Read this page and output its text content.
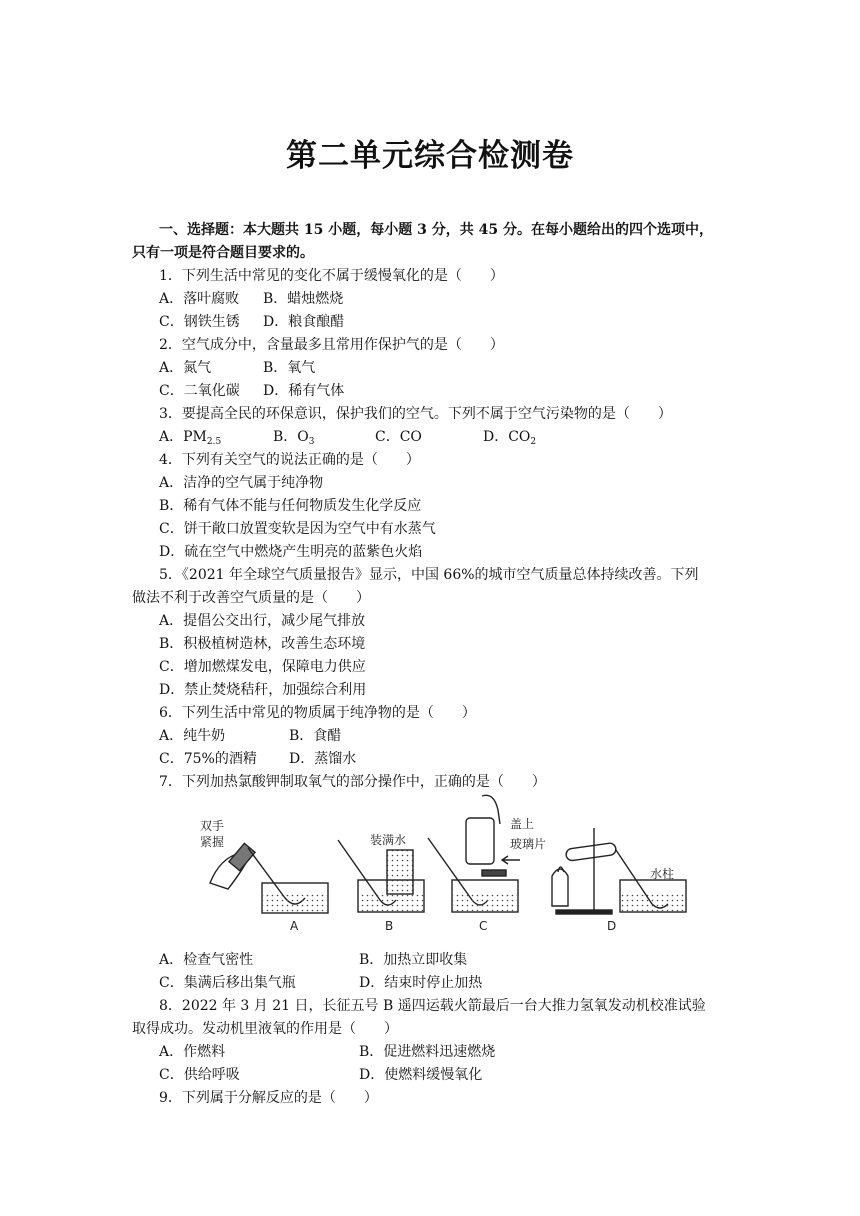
第二单元综合检测卷
一、选择题：本大题共 15 小题，每小题 3 分，共 45 分。在每小题给出的四个选项中，
只有一项是符合题目要求的。
1．下列生活中常见的变化不属于缓慢氧化的是（　　）
A．落叶腐败 B．蜡烛燃烧
C．钢铁生锈 D．粮食酿醋
2．空气成分中，含量最多且常用作保护气的是（　　）
A．氮气	B．氧气
C．二氧化碳 D．稀有气体
3．要提高全民的环保意识，保护我们的空气。下列不属于空气污染物的是（　　）
A．$PM_{2.5}$	B．$O_3$	C．CO	D．$CO_2$
4．下列有关空气的说法正确的是（　　）
A．洁净的空气属于纯净物
B．稀有气体不能与任何物质发生化学反应
C．饼干敞口放置变软是因为空气中有水蒸气
D．硫在空气中燃烧产生明亮的蓝紫色火焰
5．《2021 年全球空气质量报告》显示，中国 66%的城市空气质量总体持续改善。下列
做法不利于改善空气质量的是（　　）
A．提倡公交出行，减少尾气排放
B．积极植树造林，改善生态环境
C．增加燃煤发电，保障电力供应
D．禁止焚烧秸秆，加强综合利用
6．下列生活中常见的物质属于纯净物的是（　　）
A．纯牛奶	B．食醋
C．75%的酒精 D．蒸馏水
7．下列加热氯酸钾制取氧气的部分操作中，正确的是（　　）
A．检查气密性	B．加热立即收集
C．集满后移出集气瓶	D．结束时停止加热
8．2022 年 3 月 21 日，长征五号 B 遥四运载火箭最后一台大推力氢氧发动机校准试验
取得成功。发动机里液氧的作用是（　　）
A．作燃料	B．促进燃料迅速燃烧
C．供给呼吸	D．使燃料缓慢氧化
9．下列属于分解反应的是（　　）
双手
紧握
A
装满水
B
盖上
玻璃片
C
水柱
D
